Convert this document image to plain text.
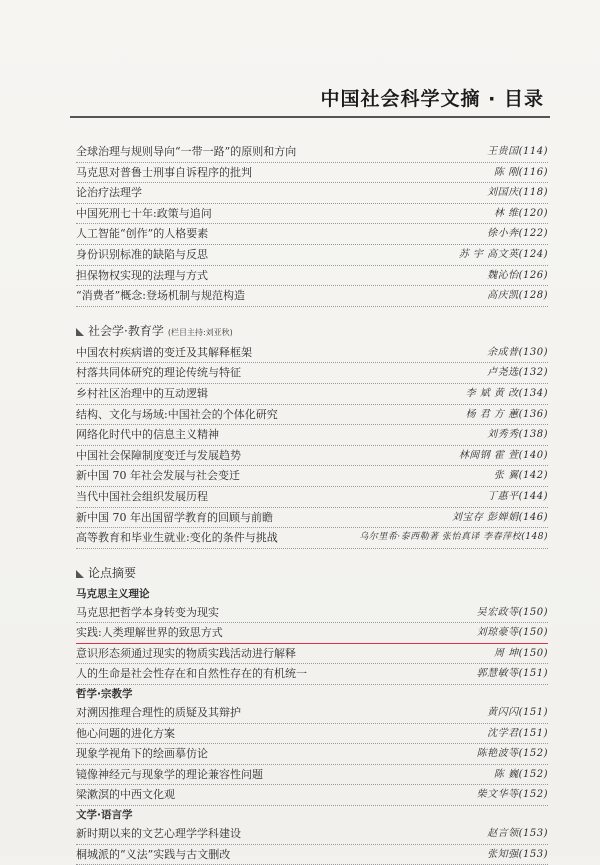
中国社会科学文摘 · 目录
全球治理与规则导向“一带一路”的原则和方向	王贵国(114)
马克思对普鲁士刑事自诉程序的批判	陈 刚(116)
论治疗法理学	刘国庆(118)
中国死刑七十年:政策与追问	林 维(120)
人工智能“创作”的人格要素	徐小奔(122)
身份识别标准的缺陷与反思	苏 宇 高文英(124)
担保物权实现的法理与方式	魏沁怡(126)
“消费者”概念:登场机制与规范构造	高庆凯(128)
社会学·教育学 (栏目主持:刘亚秋)
中国农村疾病谱的变迁及其解释框架	余成普(130)
村落共同体研究的理论传统与特征	卢尧选(132)
乡村社区治理中的互动逻辑	李 斌 黄 改(134)
结构、文化与场域:中国社会的个体化研究	杨 君 方 蕙(136)
网络化时代中的信息主义精神	刘秀秀(138)
中国社会保障制度变迁与发展趋势	林闽钢 霍 萱(140)
新中国 70 年社会发展与社会变迁	张 翼(142)
当代中国社会组织发展历程	丁惠平(144)
新中国 70 年出国留学教育的回顾与前瞻	刘宝存 彭婵娟(146)
高等教育和毕业生就业:变化的条件与挑战	乌尔里希·泰西勒著 张怡真译 李春萍校(148)
论点摘要
马克思主义理论
马克思把哲学本身转变为现实	吴宏政等(150)
实践:人类理解世界的致思方式	刘琼豪等(150)
意识形态须通过现实的物质实践活动进行解释	周 坤(150)
人的生命是社会性存在和自然性存在的有机统一	郭慧敏等(151)
哲学·宗教学
对溯因推理合理性的质疑及其辩护	黄闪闪(151)
他心问题的进化方案	沈学君(151)
现象学视角下的绘画摹仿论	陈艳波等(152)
镜像神经元与现象学的理论兼容性问题	陈 巍(152)
梁漱溟的中西文化观	柴文华等(152)
文学·语言学
新时期以来的文艺心理学学科建设	赵言领(153)
桐城派的“义法”实践与古文删改	张知强(153)
